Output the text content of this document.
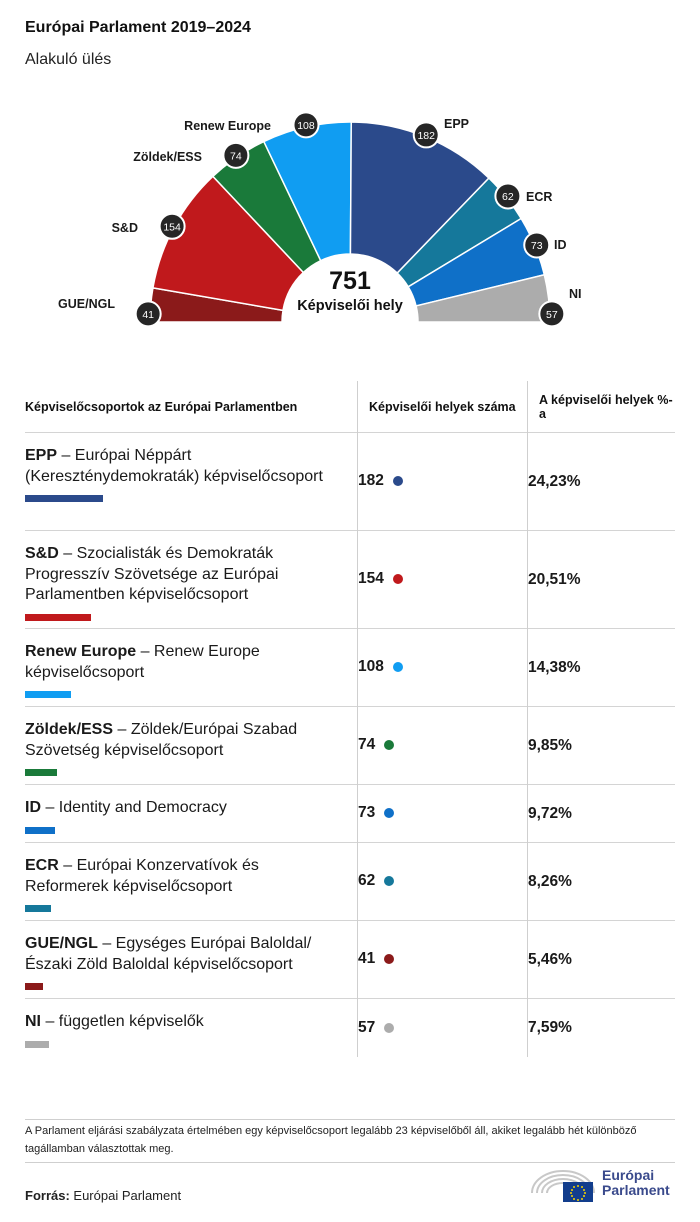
Európai Parlament 2019–2024
Alakuló ülés
41
GUE/NGL
154
S&D
74
Zöldek/ESS
108
Renew Europe
182
EPP
62 ECR
73 ID
57
NI
751
Képviselői hely
Képviselőcsoportok az Európai Parlamentben	Képviselői helyek száma	A képviselői helyek %-a

EPP – Európai Néppárt (Kereszténydemokraták) képviselőcsoport	182	24,23%

S&D – Szocialisták és Demokraták Progresszív Szövetsége az Európai Parlamentben képviselőcsoport	154	20,51%

Renew Europe – Renew Europe képviselőcsoport	108	14,38%

Zöldek/ESS – Zöldek/Európai Szabad Szövetség képviselőcsoport	74	9,85%

ID – Identity and Democracy	73	9,72%

ECR – Európai Konzervatívok és Reformerek képviselőcsoport	62	8,26%

GUE/NGL – Egységes Európai Baloldal/ Északi Zöld Baloldal képviselőcsoport	41	5,46%

NI – független képviselők	57	7,59%
A Parlament eljárási szabályzata értelmében egy képviselőcsoport legalább 23 képviselőből áll, akiket legalább hét különböző tagállamban választottak meg.
Forrás: Európai Parlament
Európai
Parlament
